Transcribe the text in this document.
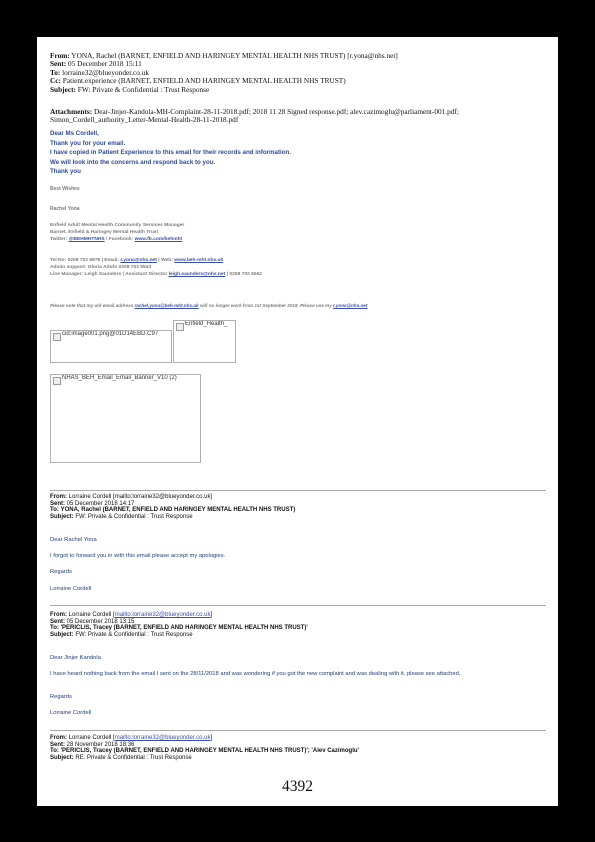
From: YONA, Rachel (BARNET, ENFIELD AND HARINGEY MENTAL HEALTH NHS TRUST) [r.yona@nhs.net]
Sent: 05 December 2018 15:11
To: lorraine32@blueyonder.co.uk
Cc: Patient.experience (BARNET, ENFIELD AND HARINGEY MENTAL HEALTH NHS TRUST)
Subject: FW: Private & Confidential : Trust Response
Attachments: Dear-Jinjer-Kandola-MH-Complaint-28-11-2018.pdf; 2018 11 28 Signed response.pdf; alev.cazimoglu@parliament-001.pdf; Simon_Cordell_authority_Letter-Mental-Health-28-11-2018.pdf
Dear Ms Cordell,
Thank you for your email.
I have copied in Patient Experience to this email for their records and information.
We will look into the concerns and respond back to you.
Thank you
Best Wishes
Rachel Yona
Enfield Adult Mental Health Community Services Manager
Barnet, Enfield & Haringey Mental Health Trust
Twitter: @BEHMHTNHS / Facebook: www.fb.com/behmht
Tel No: 0208 702 6878 | Email: r.yona@nhs.net | Web: www.beh-mht.nhs.uk
Admin support: Gloria Adofo 0208 702 5543
Line Manager: Leigh Saunders | Assistant Director leigh.saunders@nhs.net | 0208 702 5562
Please note that my old email address rachel.yona@beh-mht.nhs.uk will no longer work from 1st September 2018. Please use my r.yona@nhs.net
cid:image001.png@01D14EBD.C97
Enfield_Health_
NHAS_BEH_Email_Email_Banner_V10 (2)
From: Lorraine Cordell [mailto:lorraine32@blueyonder.co.uk]
Sent: 05 December 2018 14:17
To: YONA, Rachel (BARNET, ENFIELD AND HARINGEY MENTAL HEALTH NHS TRUST)
Subject: FW: Private & Confidential : Trust Response
Dear Rachel Yona
I forgot to forward you in with this email please accept my apologies.
Regards
Lorraine Cordell
From: Lorraine Cordell [mailto:lorraine32@blueyonder.co.uk]
Sent: 05 December 2018 13:15
To: 'PERICLIS, Tracey (BARNET, ENFIELD AND HARINGEY MENTAL HEALTH NHS TRUST)'
Subject: FW: Private & Confidential : Trust Response
Dear Jinjer Kandola
I have heard nothing back from the email I sent on the 28/11/2018 and was wondering if you got the new complaint and was dealing with it. please see attached,
Regards
Lorraine Cordell
From: Lorraine Cordell [mailto:lorraine32@blueyonder.co.uk]
Sent: 28 November 2018 18:36
To: 'PERICLIS, Tracey (BARNET, ENFIELD AND HARINGEY MENTAL HEALTH NHS TRUST)'; 'Alev Cazimoglu'
Subject: RE: Private & Confidential : Trust Response
4392
